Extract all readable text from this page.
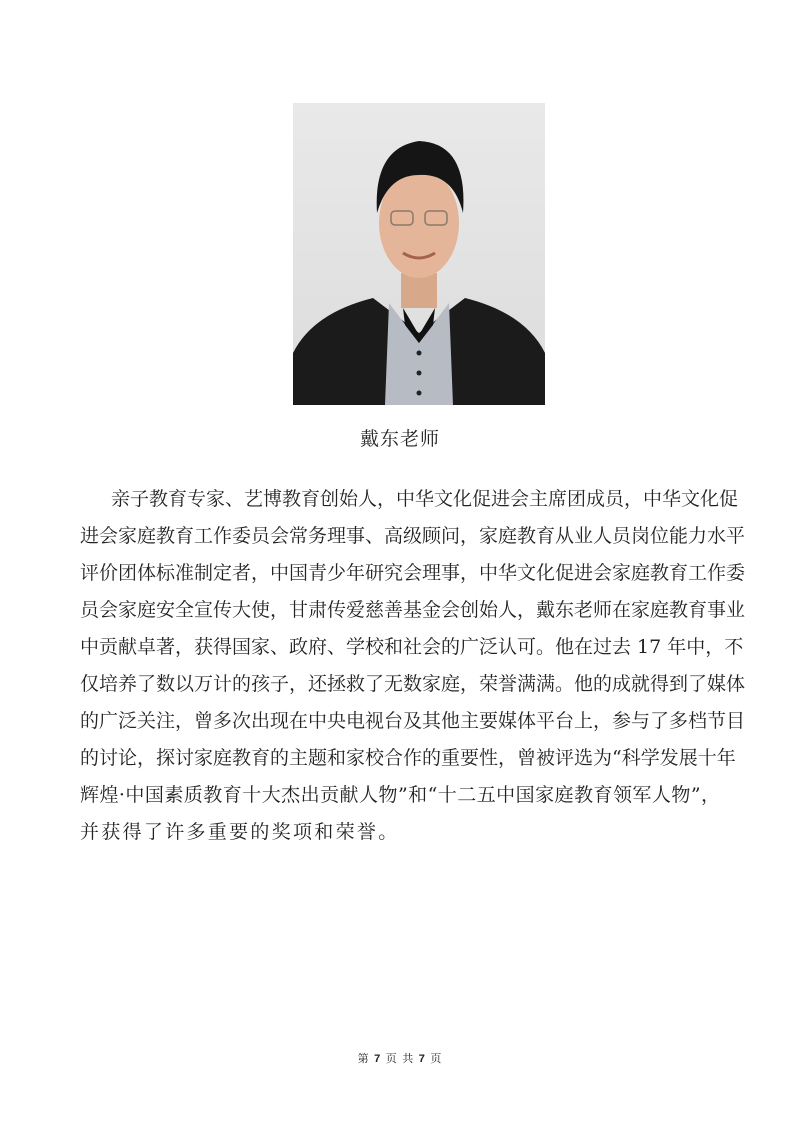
戴东老师
亲子教育专家、艺博教育创始人，中华文化促进会主席团成员，中华文化促
进会家庭教育工作委员会常务理事、高级顾问，家庭教育从业人员岗位能力水平
评价团体标准制定者，中国青少年研究会理事，中华文化促进会家庭教育工作委
员会家庭安全宣传大使，甘肃传爱慈善基金会创始人，戴东老师在家庭教育事业
中贡献卓著，获得国家、政府、学校和社会的广泛认可。他在过去 17 年中，不
仅培养了数以万计的孩子，还拯救了无数家庭，荣誉满满。他的成就得到了媒体
的广泛关注，曾多次出现在中央电视台及其他主要媒体平台上，参与了多档节目
的讨论，探讨家庭教育的主题和家校合作的重要性，曾被评选为“科学发展十年
辉煌·中国素质教育十大杰出贡献人物”和“十二五中国家庭教育领军人物”，
并获得了许多重要的奖项和荣誉。
第 7 页 共 7 页
